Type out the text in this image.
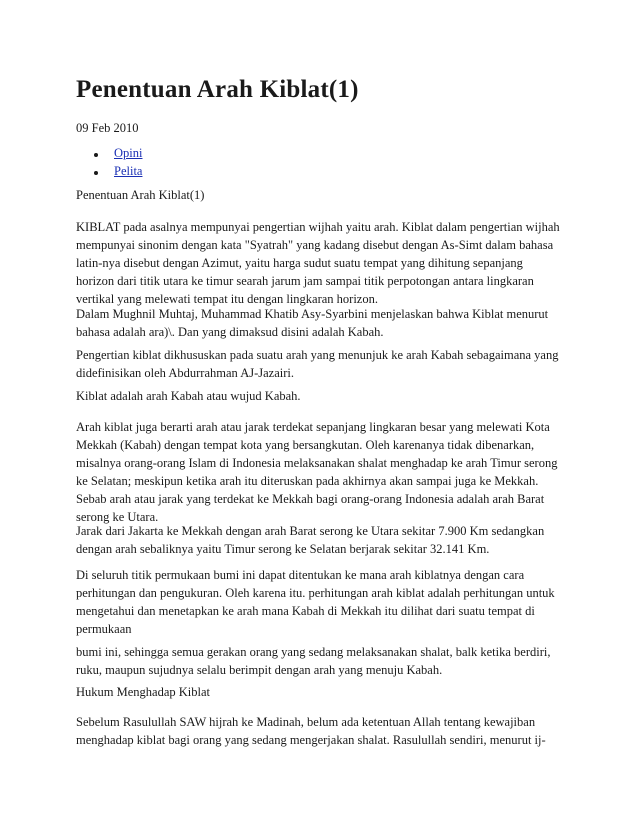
Penentuan Arah Kiblat(1)
09 Feb 2010
Opini
Pelita
Penentuan Arah Kiblat(1)
KIBLAT pada asalnya mempunyai pengertian wijhah yaitu arah. Kiblat dalam pengertian wijhah
mempunyai sinonim dengan kata "Syatrah" yang kadang disebut dengan As-Simt dalam bahasa
latin-nya disebut dengan Azimut, yaitu harga sudut suatu tempat yang dihitung sepanjang
horizon dari titik utara ke timur searah jarum jam sampai titik perpotongan antara lingkaran
vertikal yang melewati tempat itu dengan lingkaran horizon.
Dalam Mughnil Muhtaj, Muhammad Khatib Asy-Syarbini menjelaskan bahwa Kiblat menurut
bahasa adalah ara)\. Dan yang dimaksud disini adalah Kabah.
Pengertian kiblat dikhususkan pada suatu arah yang menunjuk ke arah Kabah sebagaimana yang
didefinisikan oleh Abdurrahman AJ-Jazairi.
Kiblat adalah arah Kabah atau wujud Kabah.
Arah kiblat juga berarti arah atau jarak terdekat sepanjang lingkaran besar yang melewati Kota
Mekkah (Kabah) dengan tempat kota yang bersangkutan. Oleh karenanya tidak dibenarkan,
misalnya orang-orang Islam di Indonesia melaksanakan shalat menghadap ke arah Timur serong
ke Selatan; meskipun ketika arah itu diteruskan pada akhirnya akan sampai juga ke Mekkah.
Sebab arah atau jarak yang terdekat ke Mekkah bagi orang-orang Indonesia adalah arah Barat
serong ke Utara.
Jarak dari Jakarta ke Mekkah dengan arah Barat serong ke Utara sekitar 7.900 Km sedangkan
dengan arah sebaliknya yaitu Timur serong ke Selatan berjarak sekitar 32.141 Km.
Di seluruh titik permukaan bumi ini dapat ditentukan ke mana arah kiblatnya dengan cara
perhitungan dan pengukuran. Oleh karena itu. perhitungan arah kiblat adalah perhitungan untuk
mengetahui dan menetapkan ke arah mana Kabah di Mekkah itu dilihat dari suatu tempat di
permukaan
bumi ini, sehingga semua gerakan orang yang sedang melaksanakan shalat, balk ketika berdiri,
ruku, maupun sujudnya selalu berimpit dengan arah yang menuju Kabah.
Hukum Menghadap Kiblat
Sebelum Rasulullah SAW hijrah ke Madinah, belum ada ketentuan Allah tentang kewajiban
menghadap kiblat bagi orang yang sedang mengerjakan shalat. Rasulullah sendiri, menurut ij-
